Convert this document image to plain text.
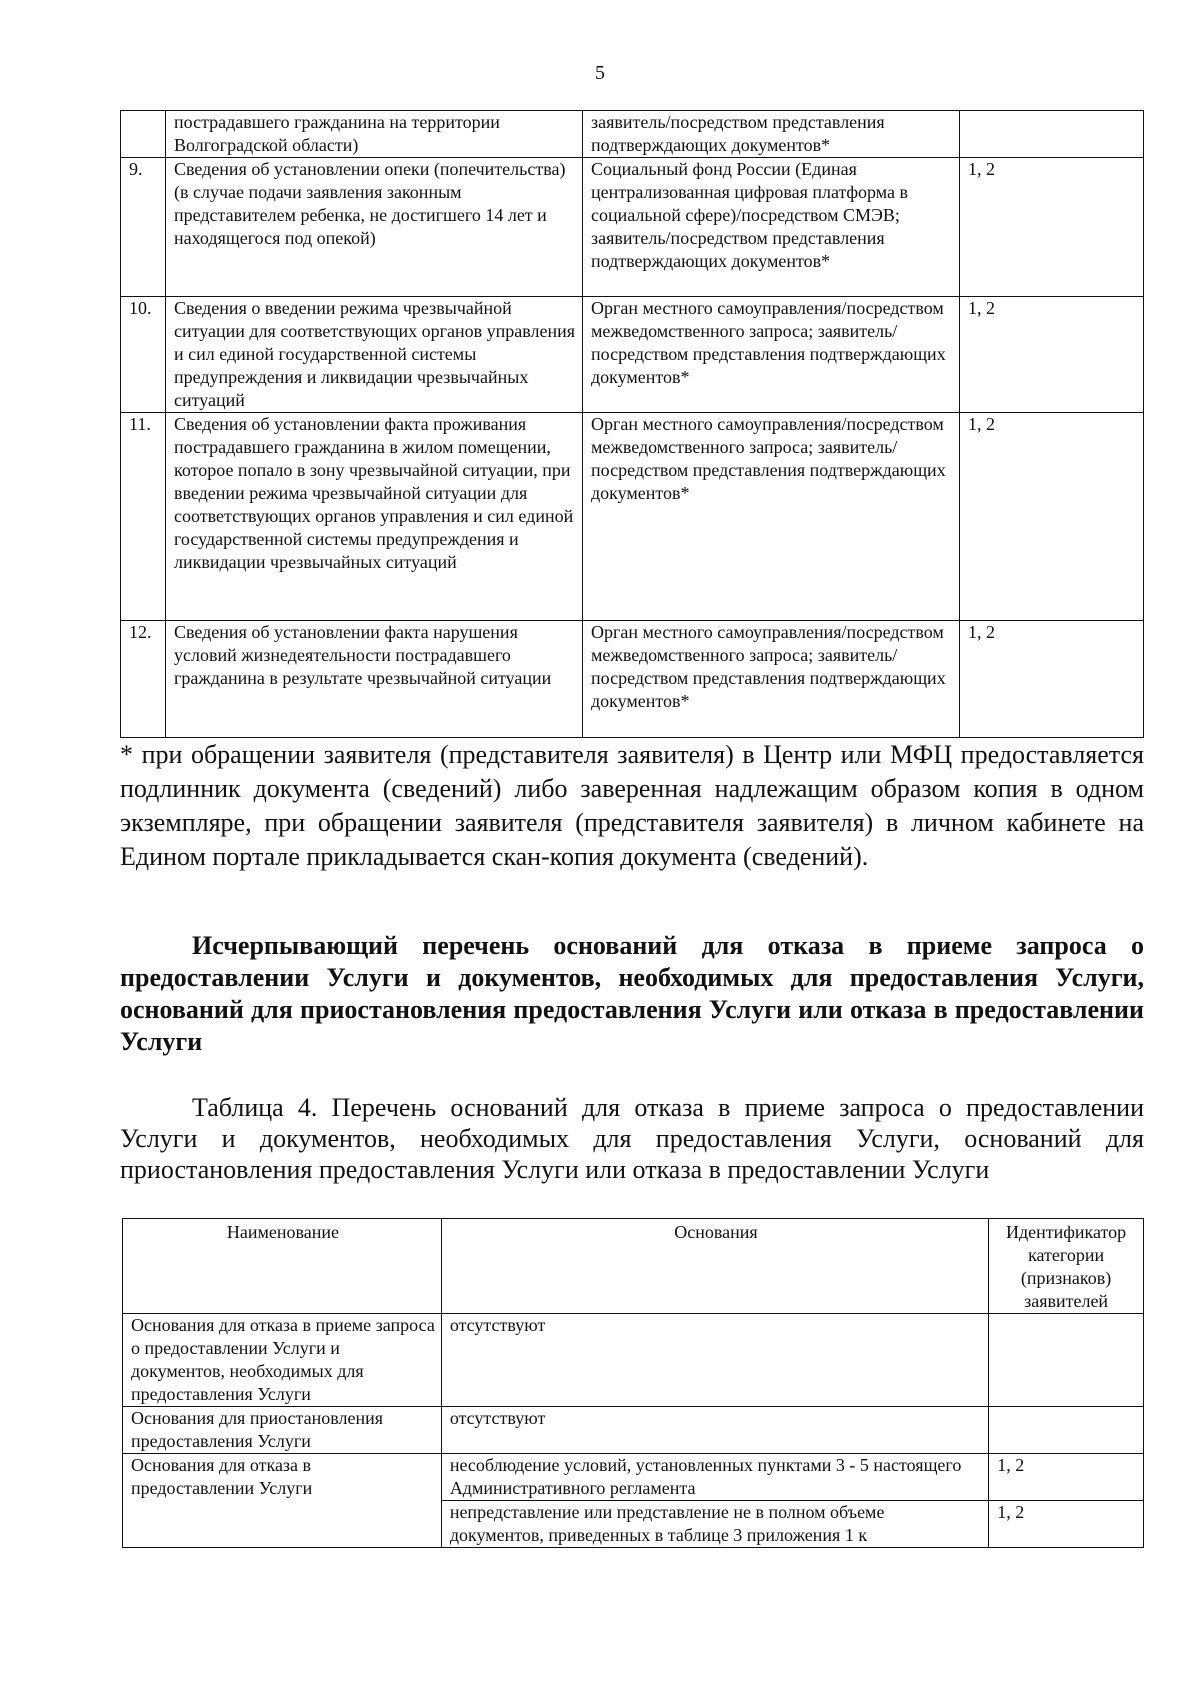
5
	пострадавшего гражданина на территории Волгоградской области)	заявитель/посредством представления подтверждающих документов*	
9.	Сведения об установлении опеки (попечительства) (в случае подачи заявления законным представителем ребенка, не достигшего 14 лет и находящегося под опекой)	Социальный фонд России (Единая централизованная цифровая платформа в социальной сфере)/посредством СМЭВ; заявитель/посредством представления подтверждающих документов*	1, 2
10.	Сведения о введении режима чрезвычайной ситуации для соответствующих органов управления и сил единой государственной системы предупреждения и ликвидации чрезвычайных ситуаций	Орган местного самоуправления/посредством межведомственного запроса; заявитель/посредством представления подтверждающих документов*	1, 2
11.	Сведения об установлении факта проживания пострадавшего гражданина в жилом помещении, которое попало в зону чрезвычайной ситуации, при введении режима чрезвычайной ситуации для соответствующих органов управления и сил единой государственной системы предупреждения и ликвидации чрезвычайных ситуаций	Орган местного самоуправления/посредством межведомственного запроса; заявитель/посредством представления подтверждающих документов*	1, 2
12.	Сведения об установлении факта нарушения условий жизнедеятельности пострадавшего гражданина в результате чрезвычайной ситуации	Орган местного самоуправления/посредством межведомственного запроса; заявитель/посредством представления подтверждающих документов*	1, 2

* при обращении заявителя (представителя заявителя) в Центр или МФЦ предоставляется подлинник документа (сведений) либо заверенная надлежащим образом копия в одном экземпляре, при обращении заявителя (представителя заявителя) в личном кабинете на Едином портале прикладывается скан-копия документа (сведений).

Исчерпывающий перечень оснований для отказа в приеме запроса о предоставлении Услуги и документов, необходимых для предоставления Услуги, оснований для приостановления предоставления Услуги или отказа в предоставлении Услуги

Таблица 4. Перечень оснований для отказа в приеме запроса о предоставлении Услуги и документов, необходимых для предоставления Услуги, оснований для приостановления предоставления Услуги или отказа в предоставлении Услуги

Наименование	Основания	Идентификатор категории (признаков) заявителей
Основания для отказа в приеме запроса о предоставлении Услуги и документов, необходимых для предоставления Услуги	отсутствуют	
Основания для приостановления предоставления Услуги	отсутствуют	
Основания для отказа в предоставлении Услуги	несоблюдение условий, установленных пунктами 3 - 5 настоящего Административного регламента	1, 2
	непредставление или представление не в полном объеме документов, приведенных в таблице 3 приложения 1 к	1, 2
